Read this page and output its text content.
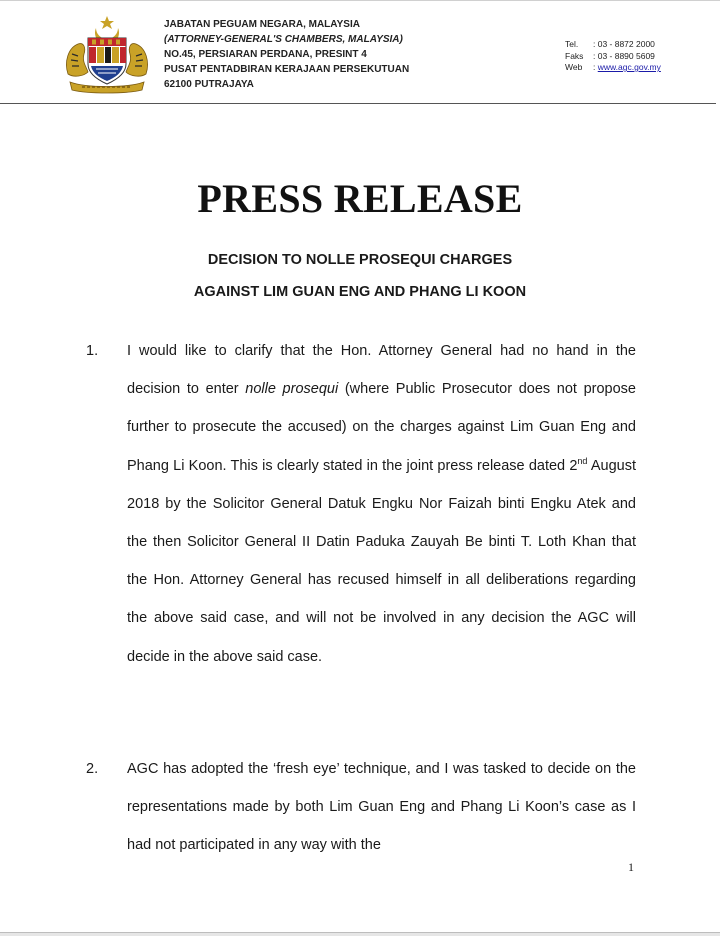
JABATAN PEGUAM NEGARA, MALAYSIA
(ATTORNEY-GENERAL'S CHAMBERS, MALAYSIA)
NO.45, PERSIARAN PERDANA, PRESINT 4
PUSAT PENTADBIRAN KERAJAAN PERSEKUTUAN
62100 PUTRAJAYA
Tel. : 03 - 8872 2000
Faks : 03 - 8890 5609
Web : www.agc.gov.my
PRESS RELEASE
DECISION TO NOLLE PROSEQUI CHARGES
AGAINST LIM GUAN ENG AND PHANG LI KOON
1. I would like to clarify that the Hon. Attorney General had no hand in the decision to enter nolle prosequi (where Public Prosecutor does not propose further to prosecute the accused) on the charges against Lim Guan Eng and Phang Li Koon. This is clearly stated in the joint press release dated 2nd August 2018 by the Solicitor General Datuk Engku Nor Faizah binti Engku Atek and the then Solicitor General II Datin Paduka Zauyah Be binti T. Loth Khan that the Hon. Attorney General has recused himself in all deliberations regarding the above said case, and will not be involved in any decision the AGC will decide in the above said case.
2. AGC has adopted the ‘fresh eye’ technique, and I was tasked to decide on the representations made by both Lim Guan Eng and Phang Li Koon’s case as I had not participated in any way with the
1
